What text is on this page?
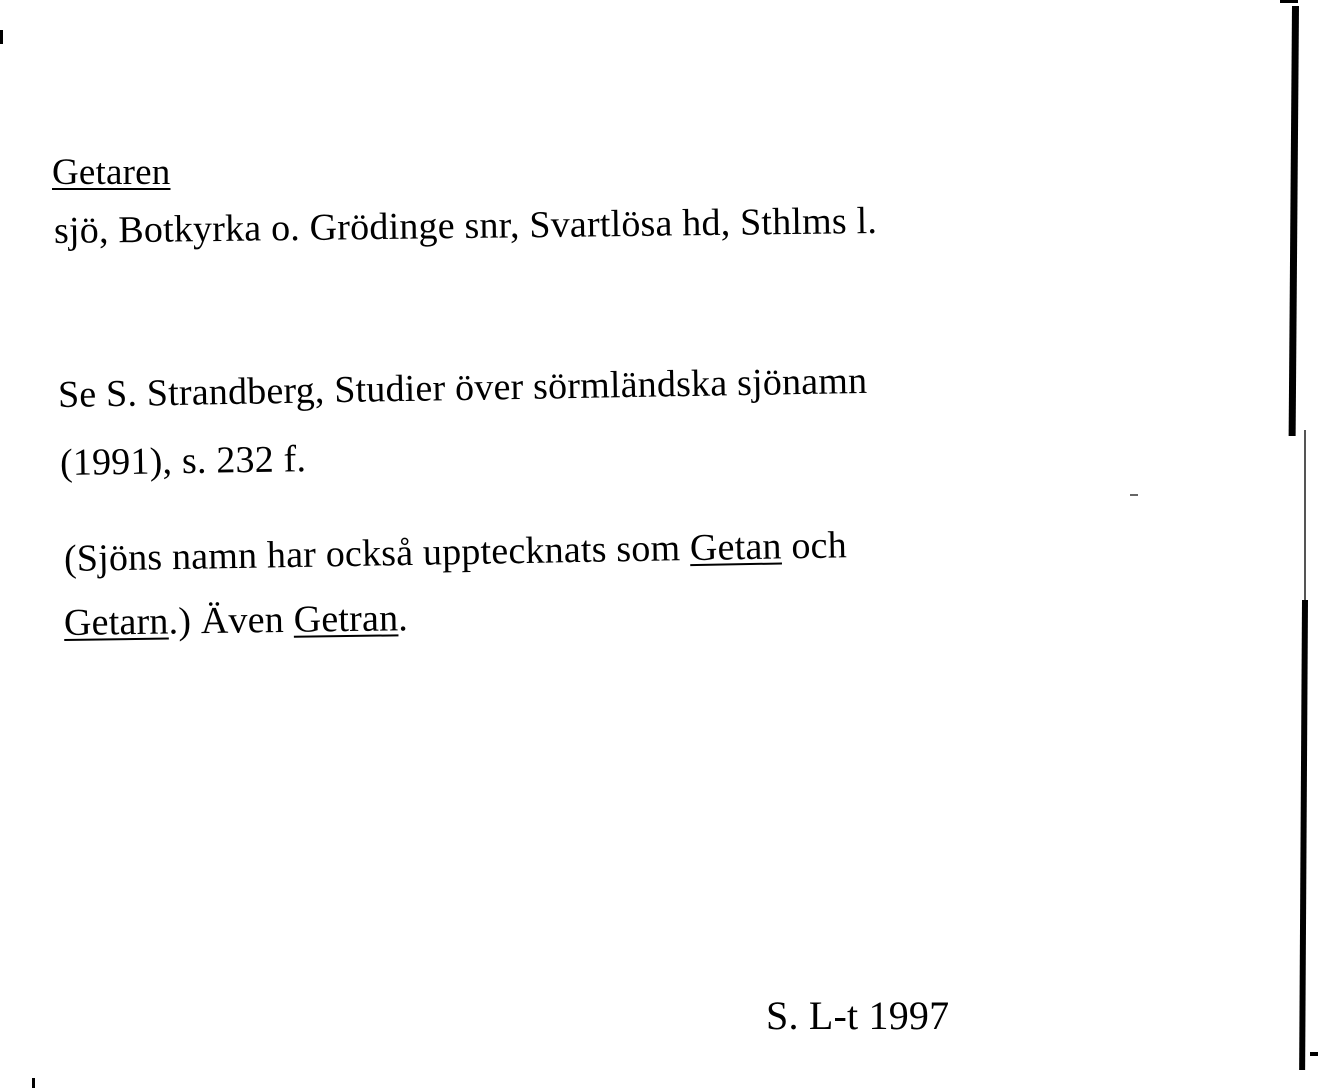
Getaren
sjö, Botkyrka o. Grödinge snr, Svartlösa hd, Sthlms l.
Se S. Strandberg, Studier över sörmländska sjönamn
(1991), s. 232 f.
(Sjöns namn har också upptecknats som Getan och
Getarn.) Även Getran.
S. L-t 1997
